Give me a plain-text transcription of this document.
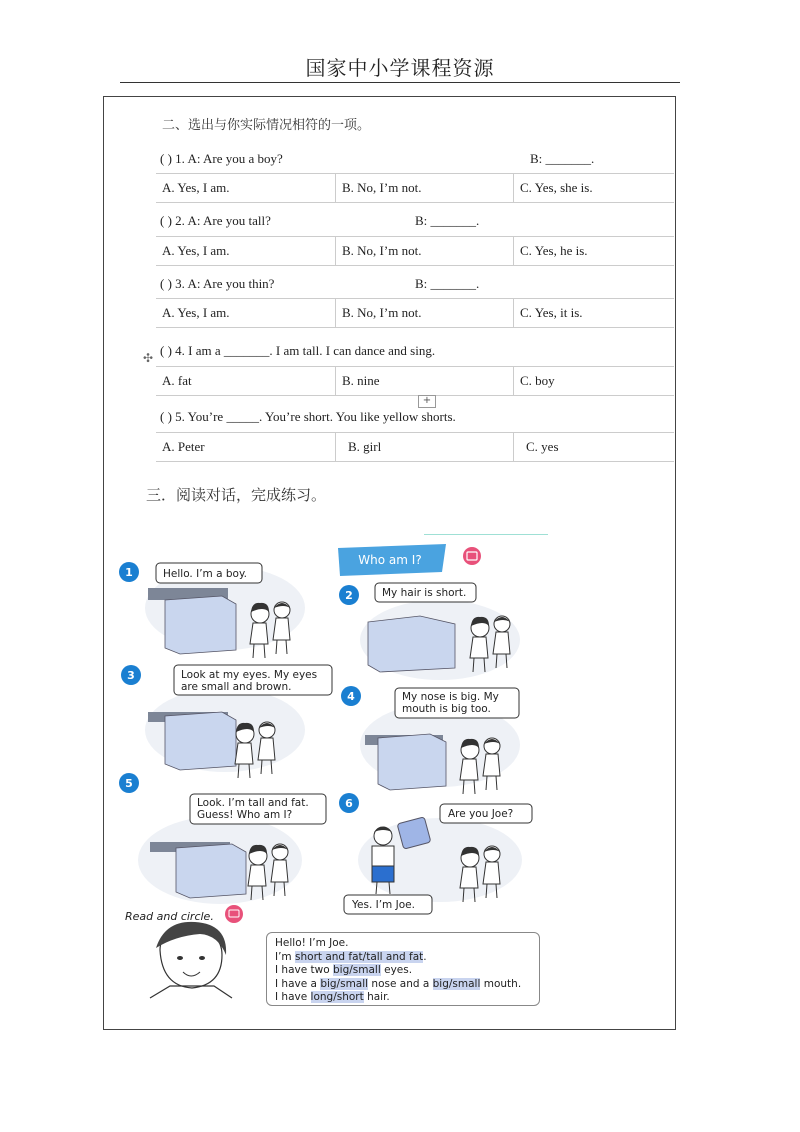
国家中小学课程资源
二、选出与你实际情况相符的一项。
( ) 1. A: Are you a boy?	B: _______.
A. Yes, I am.	B. No, I’m not.	C. Yes, she is.
( ) 2. A: Are you tall?	B: _______.
A. Yes, I am.	B. No, I’m not.	C. Yes, he is.
( ) 3. A: Are you thin?	B: _______.
A. Yes, I am.	B. No, I’m not.	C. Yes, it is.
✣ ( ) 4. I am a _______. I am tall. I can dance and sing.
A. fat	B. nine	C. boy
+
( ) 5. You’re _____. You’re short. You like yellow shorts.
A. Peter	B. girl	C. yes
三．阅读对话，完成练习。
Who am I?
1	Hello. I’m a boy.
2	My hair is short.
3	Look at my eyes. My eyes
are small and brown.
4	My nose is big. My
mouth is big too.
5
Look. I’m tall and fat.
Guess! Who am I?
6
Are you Joe?
Yes. I’m Joe.
Read and circle.
Hello! I’m Joe.
I’m short and fat/tall and fat.
I have two big/small eyes.
I have a big/small nose and a big/small mouth.
I have long/short hair.
